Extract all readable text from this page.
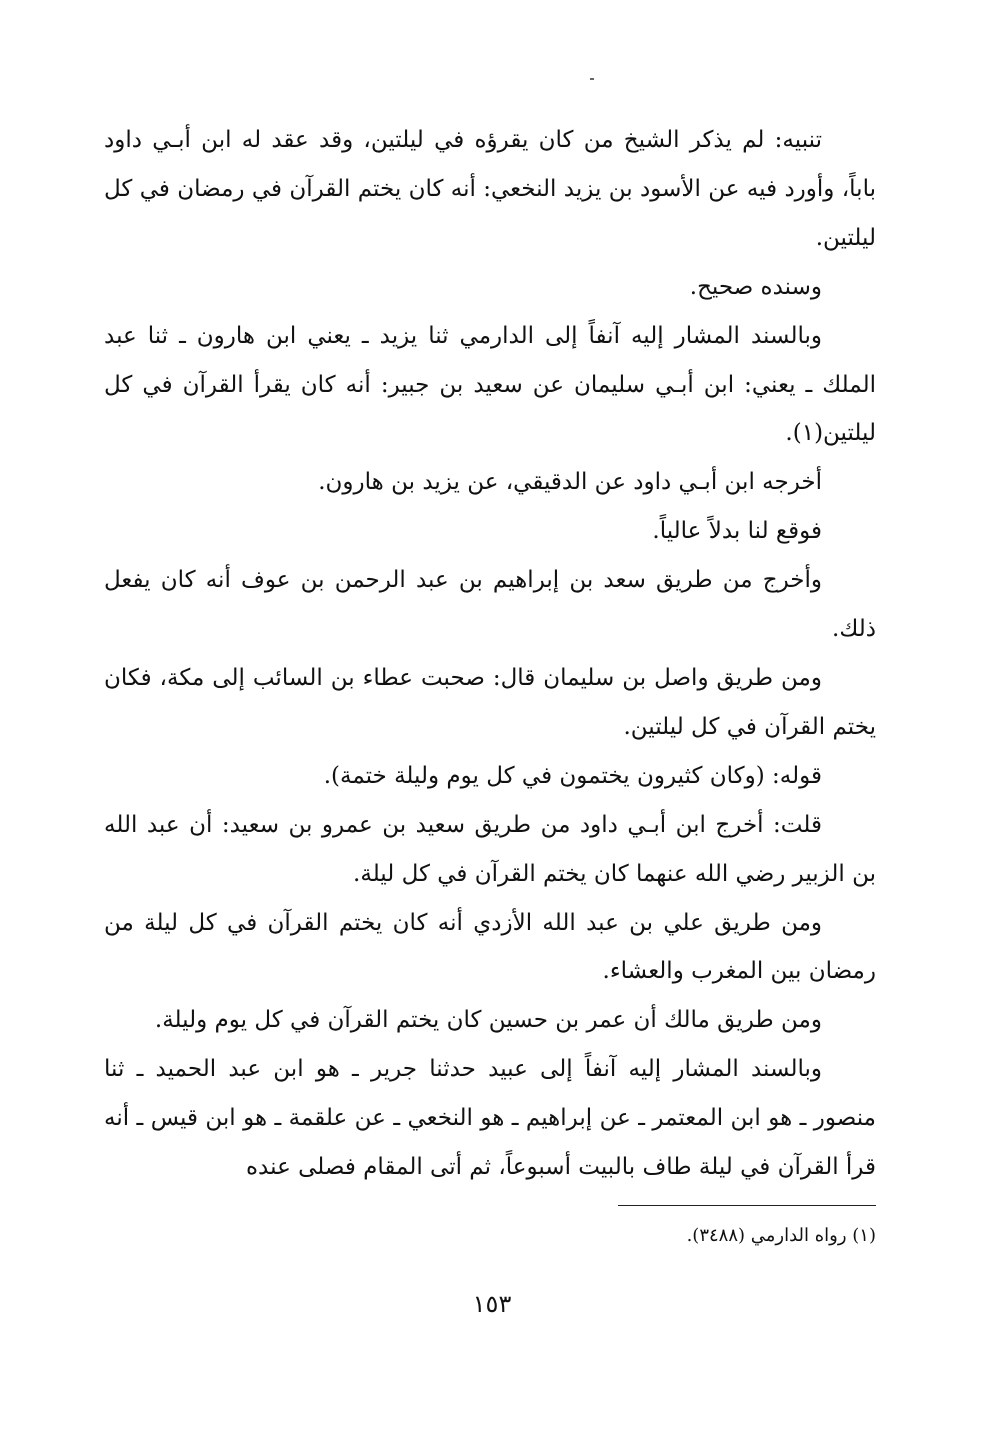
تنبيه: لم يذكر الشيخ من كان يقرؤه في ليلتين، وقد عقد له ابن أبـي داود باباً، وأورد فيه عن الأسود بن يزيد النخعي: أنه كان يختم القرآن في رمضان في كل ليلتين.

وسنده صحيح.

وبالسند المشار إليه آنفاً إلى الدارمي ثنا يزيد ـ يعني ابن هارون ـ ثنا عبد الملك ـ يعني: ابن أبـي سليمان عن سعيد بن جبير: أنه كان يقرأ القرآن في كل ليلتين(١).

أخرجه ابن أبـي داود عن الدقيقي، عن يزيد بن هارون.

فوقع لنا بدلاً عالياً.

وأخرج من طريق سعد بن إبراهيم بن عبد الرحمن بن عوف أنه كان يفعل ذلك.

ومن طريق واصل بن سليمان قال: صحبت عطاء بن السائب إلى مكة، فكان يختم القرآن في كل ليلتين.

قوله: (وكان كثيرون يختمون في كل يوم وليلة ختمة).

قلت: أخرج ابن أبـي داود من طريق سعيد بن عمرو بن سعيد: أن عبد الله بن الزبير رضي الله عنهما كان يختم القرآن في كل ليلة.

ومن طريق علي بن عبد الله الأزدي أنه كان يختم القرآن في كل ليلة من رمضان بين المغرب والعشاء.

ومن طريق مالك أن عمر بن حسين كان يختم القرآن في كل يوم وليلة.

وبالسند المشار إليه آنفاً إلى عبيد حدثنا جرير ـ هو ابن عبد الحميد ـ ثنا منصور ـ هو ابن المعتمر ـ عن إبراهيم ـ هو النخعي ـ عن علقمة ـ هو ابن قيس ـ أنه قرأ القرآن في ليلة طاف بالبيت أسبوعاً، ثم أتى المقام فصلى عنده

(١) رواه الدارمي (٣٤٨٨).
١٥٣
